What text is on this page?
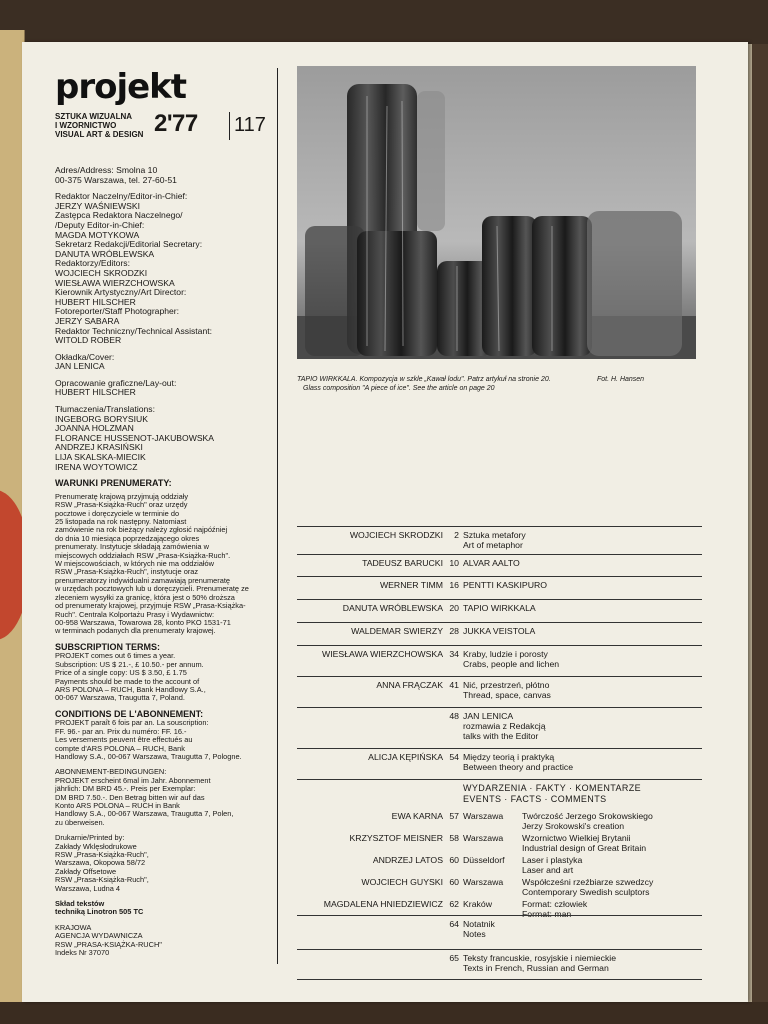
projekt
SZTUKA WIZUALNA
I WZORNICTWO
VISUAL ART & DESIGN 2'77 117
Adres/Address: Smolna 10
00-375 Warszawa, tel. 27-60-51
Redaktor Naczelny/Editor-in-Chief:
JERZY WAŚNIEWSKI
Zastępca Redaktora Naczelnego/
/Deputy Editor-in-Chief:
MAGDA MOTYKOWA
Sekretarz Redakcji/Editorial Secretary:
DANUTA WRÓBLEWSKA
Redaktorzy/Editors:
WOJCIECH SKRODZKI
WIESŁAWA WIERZCHOWSKA
Kierownik Artystyczny/Art Director:
HUBERT HILSCHER
Fotoreporter/Staff Photographer:
JERZY SABARA
Redaktor Techniczny/Technical Assistant:
WITOLD ROBER
Okładka/Cover:
JAN LENICA
Opracowanie graficzne/Lay-out:
HUBERT HILSCHER
Tłumaczenia/Translations:
INGEBORG BORYSIUK
JOANNA HOLZMAN
FLORANCE HUSSENOT-JAKUBOWSKA
ANDRZEJ KRASIŃSKI
LIJA SKALSKA-MIECIK
IRENA WOYTOWICZ
WARUNKI PRENUMERATY:
Prenumeratę krajową przyjmują oddziały
RSW „Prasa-Książka-Ruch" oraz urzędy
pocztowe i doręczyciele w terminie do
25 listopada na rok następny. Natomiast
zamówienie na rok bieżący należy zgłosić najpóźniej
do dnia 10 miesiąca poprzedzającego okres
prenumeraty. Instytucje składają zamówienia w
miejscowych oddziałach RSW „Prasa-Książka-Ruch".
W miejscowościach, w których nie ma oddziałów
RSW „Prasa-Książka-Ruch", instytucje oraz
prenumeratorzy indywidualni zamawiają prenumeratę
w urzędach pocztowych lub u doręczycieli. Prenumeratę ze
zleceniem wysyłki za granicę, która jest o 50% droższa
od prenumeraty krajowej, przyjmuje RSW „Prasa-Książka-
Ruch". Centrala Kolportażu Prasy i Wydawnictw:
00-958 Warszawa, Towarowa 28, konto PKO 1531-71
w terminach podanych dla prenumeraty krajowej.
SUBSCRIPTION TERMS:
PROJEKT comes out 6 times a year.
Subscription: US $ 21.-, £ 10.50.- per annum.
Price of a single copy: US $ 3.50, £ 1.75
Payments should be made to the account of
ARS POLONA – RUCH, Bank Handlowy S.A.,
00-067 Warszawa, Traugutta 7, Poland.
CONDITIONS DE L'ABONNEMENT:
PROJEKT paraît 6 fois par an. La souscription:
FF. 96.- par an. Prix du numéro: FF. 16.-
Les versements peuvent être effectués au
compte d'ARS POLONA – RUCH, Bank
Handlowy S.A., 00-067 Warszawa, Traugutta 7, Pologne.
ABONNEMENT-BEDINGUNGEN:
PROJEKT erscheint 6mal im Jahr. Abonnement
jährlich: DM BRD 45.-. Preis per Exemplar:
DM BRD 7.50.-. Den Betrag bitten wir auf das
Konto ARS POLONA – RUCH in Bank
Handlowy S.A., 00-067 Warszawa, Traugutta 7, Polen,
zu überweisen.
Drukarnie/Printed by:
Zakłady Wklęsłodrukowe
RSW „Prasa-Książka-Ruch",
Warszawa, Okopowa 58/72
Zakłady Offsetowe
RSW „Prasa-Książka-Ruch",
Warszawa, Ludna 4
Skład tekstów
techniką Linotron 505 TC
KRAJOWA
AGENCJA WYDAWNICZA
RSW „PRASA-KSIĄŻKA-RUCH"
Indeks Nr 37070
TAPIO WIRKKALA. Kompozycja w szkle „Kawał lodu". Patrz artykuł na stronie 20.
Glass composition "A piece of ice". See the article on page 20
Fot. H. Hansen
WOJCIECH SKRODZKI	2 Sztuka metafory
Art of metaphor
TADEUSZ BARUCKI 10 ALVAR AALTO
WERNER TIMM 16 PENTTI KASKIPURO
DANUTA WRÓBLEWSKA 20 TAPIO WIRKKALA
WALDEMAR SWIERZY 28 JUKKA VEISTOLA
WIESŁAWA WIERZCHOWSKA 34 Kraby, ludzie i porosty
Crabs, people and lichen
ANNA FRĄCZAK 41 Nić, przestrzeń, płótno
Thread, space, canvas
48 JAN LENICA
rozmawia z Redakcją
talks with the Editor
ALICJA KĘPIŃSKA 54 Między teorią i praktyką
Between theory and practice
WYDARZENIA · FAKTY · KOMENTARZE
EVENTS · FACTS · COMMENTS
EWA KARNA 57 Warszawa Twórczość Jerzego Srokowskiego
Jerzy Srokowski's creation
KRZYSZTOF MEISNER 58 Warszawa Wzornictwo Wielkiej Brytanii
Industrial design of Great Britain
ANDRZEJ LATOS 60 Düsseldorf Laser i plastyka
Laser and art
WOJCIECH GUYSKI 60 Warszawa Współcześni rzeźbiarze szwedzcy
Contemporary Swedish sculptors
MAGDALENA HNIEDZIEWICZ 62 Kraków	Format: człowiek
Format: man
64 Notatnik
Notes
65 Teksty francuskie, rosyjskie i niemieckie
Texts in French, Russian and German
